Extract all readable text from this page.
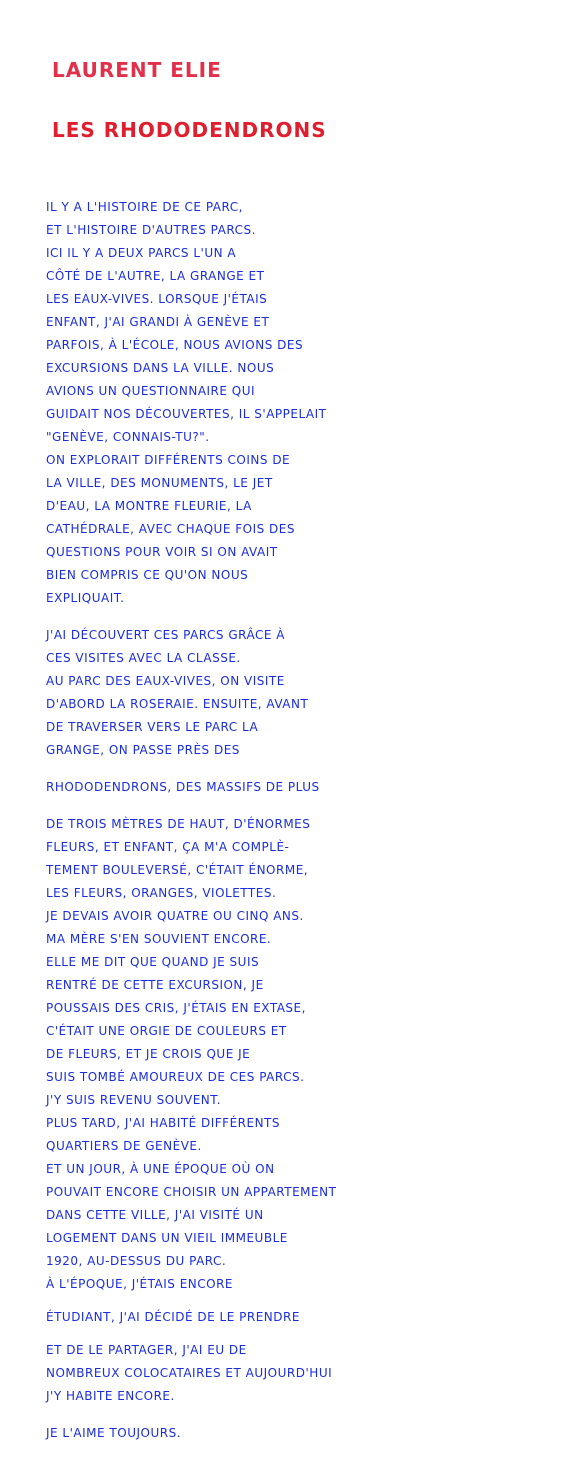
LAURENT ELIE
LES RHODODENDRONS
IL Y A L'HISTOIRE DE CE PARC,
ET L'HISTOIRE D'AUTRES PARCS.
ICI IL Y A DEUX PARCS L'UN A
CÔTÉ DE L'AUTRE, LA GRANGE ET
LES EAUX-VIVES. LORSQUE J'ÉTAIS
ENFANT, J'AI GRANDI À GENÈVE ET
PARFOIS, À L'ÉCOLE, NOUS AVIONS DES
EXCURSIONS DANS LA VILLE. NOUS
AVIONS UN QUESTIONNAIRE QUI
GUIDAIT NOS DÉCOUVERTES, IL S'APPELAIT
"GENÈVE, CONNAIS-TU?".
ON EXPLORAIT DIFFÉRENTS COINS DE
LA VILLE, DES MONUMENTS, LE JET
D'EAU, LA MONTRE FLEURIE, LA
CATHÉDRALE, AVEC CHAQUE FOIS DES
QUESTIONS POUR VOIR SI ON AVAIT
BIEN COMPRIS CE QU'ON NOUS
EXPLIQUAIT.
J'AI DÉCOUVERT CES PARCS GRÂCE À
CES VISITES AVEC LA CLASSE.
AU PARC DES EAUX-VIVES, ON VISITE
D'ABORD LA ROSERAIE. ENSUITE, AVANT
DE TRAVERSER VERS LE PARC LA
GRANGE, ON PASSE PRÈS DES
RHODODENDRONS, DES MASSIFS DE PLUS
DE TROIS MÈTRES DE HAUT, D'ÉNORMES
FLEURS, ET ENFANT, ÇA M'A COMPLÈ-
TEMENT BOULEVERSÉ, C'ÉTAIT ÉNORME,
LES FLEURS, ORANGES, VIOLETTES.
JE DEVAIS AVOIR QUATRE OU CINQ ANS.
MA MÈRE S'EN SOUVIENT ENCORE.
ELLE ME DIT QUE QUAND JE SUIS
RENTRÉ DE CETTE EXCURSION, JE
POUSSAIS DES CRIS, J'ÉTAIS EN EXTASE,
C'ÉTAIT UNE ORGIE DE COULEURS ET
DE FLEURS, ET JE CROIS QUE JE
SUIS TOMBÉ AMOUREUX DE CES PARCS.
J'Y SUIS REVENU SOUVENT.
PLUS TARD, J'AI HABITÉ DIFFÉRENTS
QUARTIERS DE GENÈVE.
ET UN JOUR, À UNE ÉPOQUE OÙ ON
POUVAIT ENCORE CHOISIR UN APPARTEMENT
DANS CETTE VILLE, J'AI VISITÉ UN
LOGEMENT DANS UN VIEIL IMMEUBLE
1920, AU-DESSUS DU PARC.
À L'ÉPOQUE, J'ÉTAIS ENCORE
ÉTUDIANT, J'AI DÉCIDÉ DE LE PRENDRE
ET DE LE PARTAGER, J'AI EU DE
NOMBREUX COLOCATAIRES ET AUJOURD'HUI
J'Y HABITE ENCORE.
JE L'AIME TOUJOURS.
